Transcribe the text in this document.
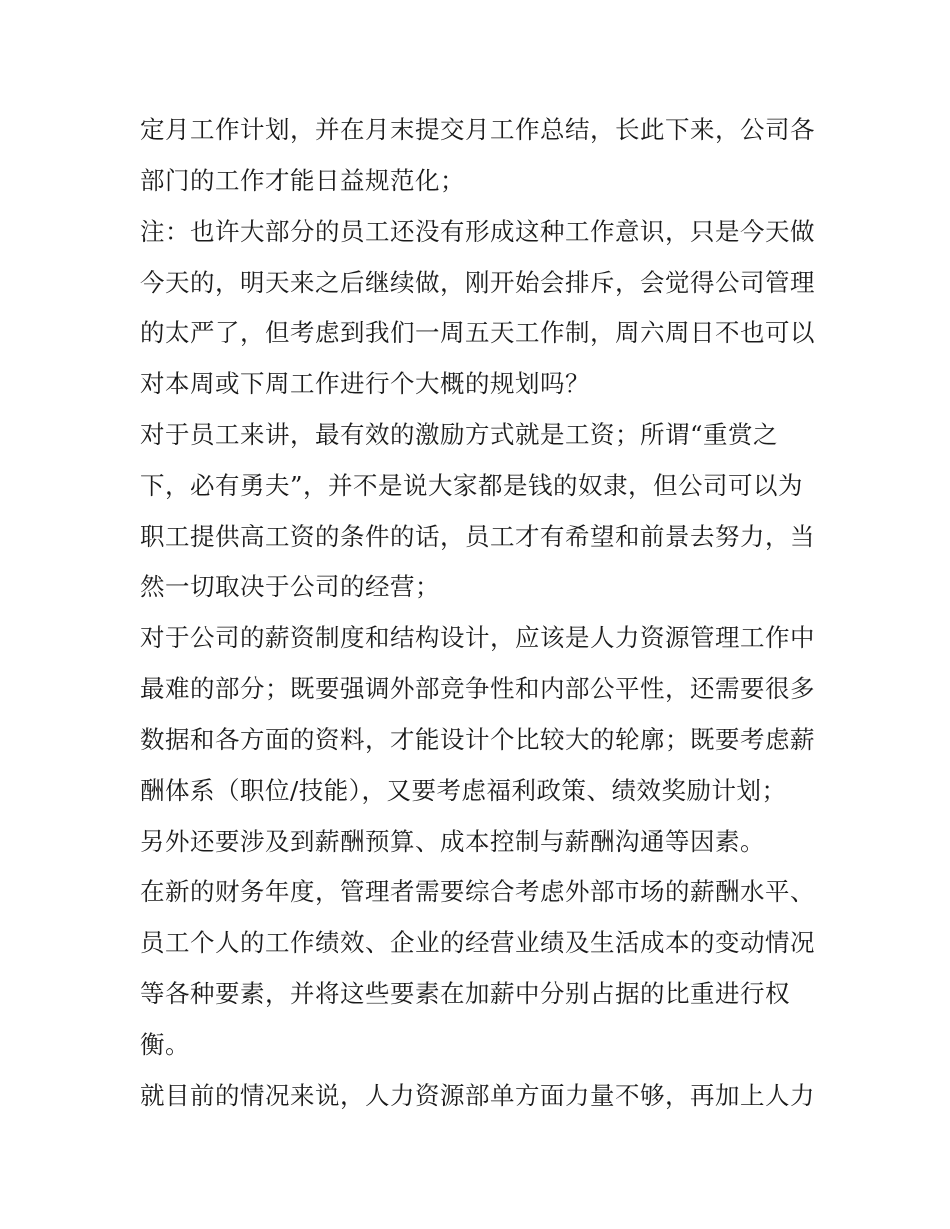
定月工作计划，并在月末提交月工作总结，长此下来，公司各
部门的工作才能日益规范化；
注：也许大部分的员工还没有形成这种工作意识，只是今天做
今天的，明天来之后继续做，刚开始会排斥，会觉得公司管理
的太严了，但考虑到我们一周五天工作制，周六周日不也可以
对本周或下周工作进行个大概的规划吗？
对于员工来讲，最有效的激励方式就是工资；所谓“重赏之
下，必有勇夫”，并不是说大家都是钱的奴隶，但公司可以为
职工提供高工资的条件的话，员工才有希望和前景去努力，当
然一切取决于公司的经营；
对于公司的薪资制度和结构设计，应该是人力资源管理工作中
最难的部分；既要强调外部竞争性和内部公平性，还需要很多
数据和各方面的资料，才能设计个比较大的轮廓；既要考虑薪
酬体系（职位/技能），又要考虑福利政策、绩效奖励计划；
另外还要涉及到薪酬预算、成本控制与薪酬沟通等因素。
在新的财务年度，管理者需要综合考虑外部市场的薪酬水平、
员工个人的工作绩效、企业的经营业绩及生活成本的变动情况
等各种要素，并将这些要素在加薪中分别占据的比重进行权
衡。
就目前的情况来说，人力资源部单方面力量不够，再加上人力
